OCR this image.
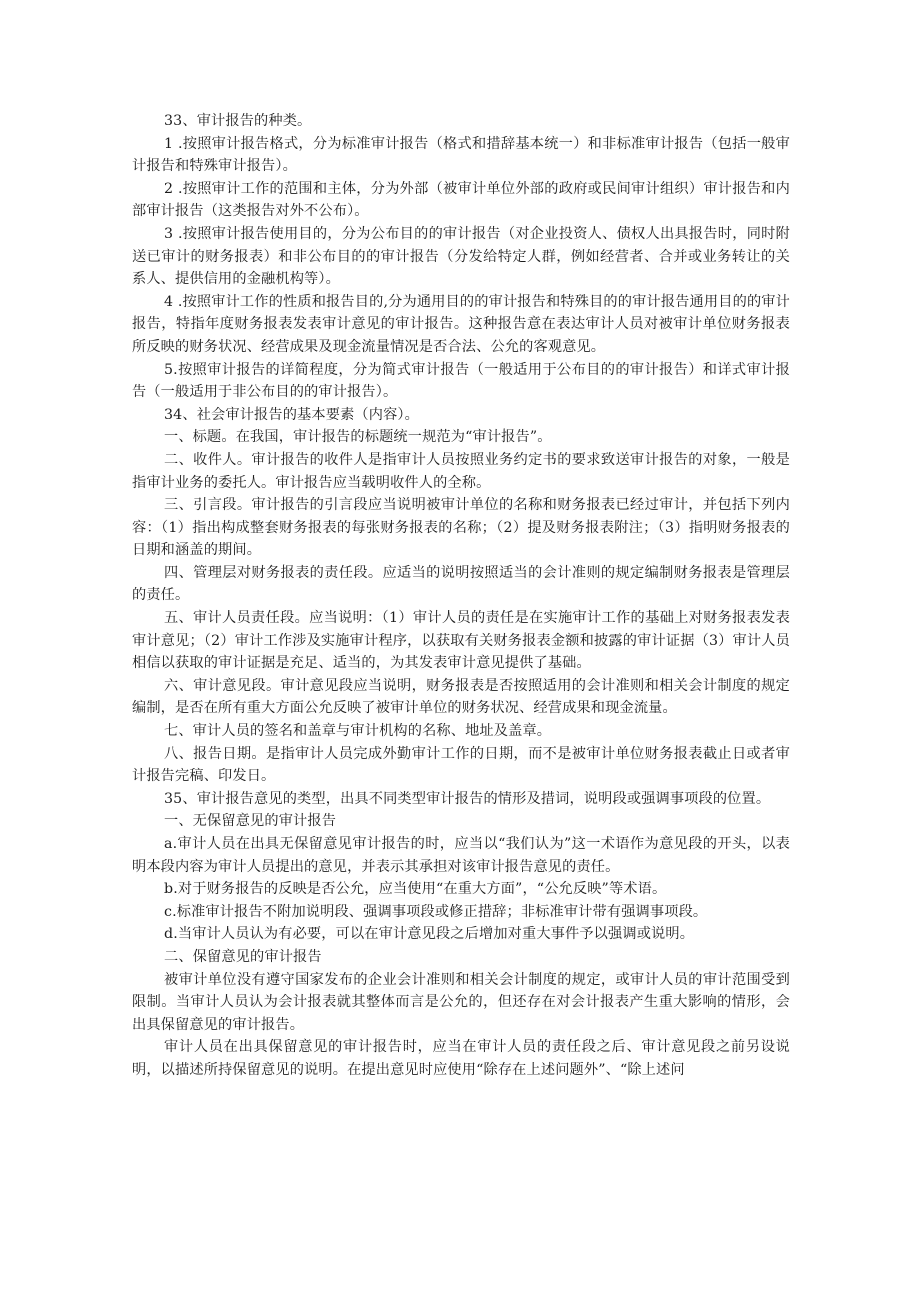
33、审计报告的种类。

1 .按照审计报告格式，分为标准审计报告（格式和措辞基本统一）和非标准审计报告（包括一般审计报告和特殊审计报告）。

2 .按照审计工作的范围和主体，分为外部（被审计单位外部的政府或民间审计组织）审计报告和内部审计报告（这类报告对外不公布）。

3 .按照审计报告使用目的，分为公布目的的审计报告（对企业投资人、债权人出具报告时，同时附送已审计的财务报表）和非公布目的的审计报告（分发给特定人群，例如经营者、合并或业务转让的关系人、提供信用的金融机构等）。

4 .按照审计工作的性质和报告目的,分为通用目的的审计报告和特殊目的的审计报告通用目的的审计报告，特指年度财务报表发表审计意见的审计报告。这种报告意在表达审计人员对被审计单位财务报表所反映的财务状况、经营成果及现金流量情况是否合法、公允的客观意见。

5.按照审计报告的详简程度，分为简式审计报告（一般适用于公布目的的审计报告）和详式审计报告（一般适用于非公布目的的审计报告）。

34、社会审计报告的基本要素（内容）。

一、标题。在我国，审计报告的标题统一规范为“审计报告”。

二、收件人。审计报告的收件人是指审计人员按照业务约定书的要求致送审计报告的对象，一般是指审计业务的委托人。审计报告应当载明收件人的全称。

三、引言段。审计报告的引言段应当说明被审计单位的名称和财务报表已经过审计，并包括下列内容：（1）指出构成整套财务报表的每张财务报表的名称；（2）提及财务报表附注；（3）指明财务报表的日期和涵盖的期间。

四、管理层对财务报表的责任段。应适当的说明按照适当的会计准则的规定编制财务报表是管理层的责任。

五、审计人员责任段。应当说明：（1）审计人员的责任是在实施审计工作的基础上对财务报表发表审计意见；（2）审计工作涉及实施审计程序，以获取有关财务报表金额和披露的审计证据（3）审计人员相信以获取的审计证据是充足、适当的，为其发表审计意见提供了基础。

六、审计意见段。审计意见段应当说明，财务报表是否按照适用的会计准则和相关会计制度的规定编制，是否在所有重大方面公允反映了被审计单位的财务状况、经营成果和现金流量。

七、审计人员的签名和盖章与审计机构的名称、地址及盖章。

八、报告日期。是指审计人员完成外勤审计工作的日期，而不是被审计单位财务报表截止日或者审计报告完稿、印发日。

35、审计报告意见的类型，出具不同类型审计报告的情形及措词，说明段或强调事项段的位置。

一、无保留意见的审计报告

a.审计人员在出具无保留意见审计报告的时，应当以“我们认为”这一术语作为意见段的开头，以表明本段内容为审计人员提出的意见，并表示其承担对该审计报告意见的责任。

b.对于财务报告的反映是否公允，应当使用“在重大方面”，“公允反映”等术语。

c.标准审计报告不附加说明段、强调事项段或修正措辞；非标准审计带有强调事项段。

d.当审计人员认为有必要，可以在审计意见段之后增加对重大事件予以强调或说明。

二、保留意见的审计报告

被审计单位没有遵守国家发布的企业会计准则和相关会计制度的规定，或审计人员的审计范围受到限制。当审计人员认为会计报表就其整体而言是公允的，但还存在对会计报表产生重大影响的情形，会出具保留意见的审计报告。

审计人员在出具保留意见的审计报告时，应当在审计人员的责任段之后、审计意见段之前另设说明，以描述所持保留意见的说明。在提出意见时应使用“除存在上述问题外”、“除上述问
